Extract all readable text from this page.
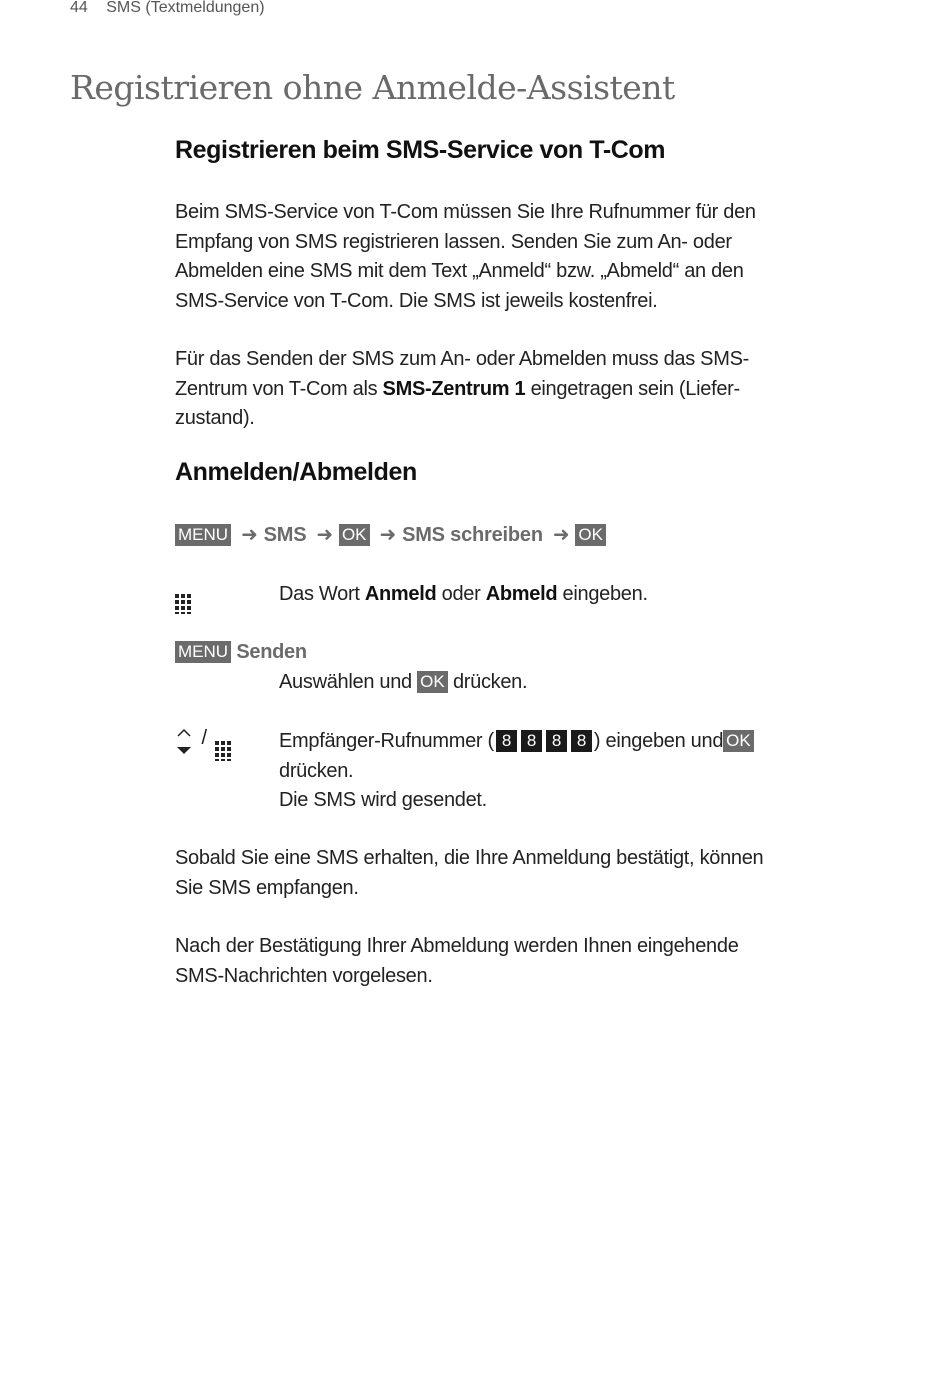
44 SMS (Textmeldungen)
Registrieren ohne Anmelde-Assistent
Registrieren beim SMS-Service von T-Com

Beim SMS-Service von T-Com müssen Sie Ihre Rufnummer für den
Empfang von SMS registrieren lassen. Senden Sie zum An- oder
Abmelden eine SMS mit dem Text „Anmeld“ bzw. „Abmeld“ an den
SMS-Service von T-Com. Die SMS ist jeweils kostenfrei.

Für das Senden der SMS zum An- oder Abmelden muss das SMS-
Zentrum von T-Com als SMS-Zentrum 1 eingetragen sein (Liefer-
zustand).

Anmelden/Abmelden
MENU ➜ SMS ➜ OK ➜ SMS schreiben ➜ OK

Das Wort Anmeld oder Abmeld eingeben.

MENU Senden

Auswählen und OK drücken.

/	Empfänger-Rufnummer ( 8 8 8 8 ) eingeben und OK
drücken.
Die SMS wird gesendet.

Sobald Sie eine SMS erhalten, die Ihre Anmeldung bestätigt, können
Sie SMS empfangen.

Nach der Bestätigung Ihrer Abmeldung werden Ihnen eingehende
SMS-Nachrichten vorgelesen.
